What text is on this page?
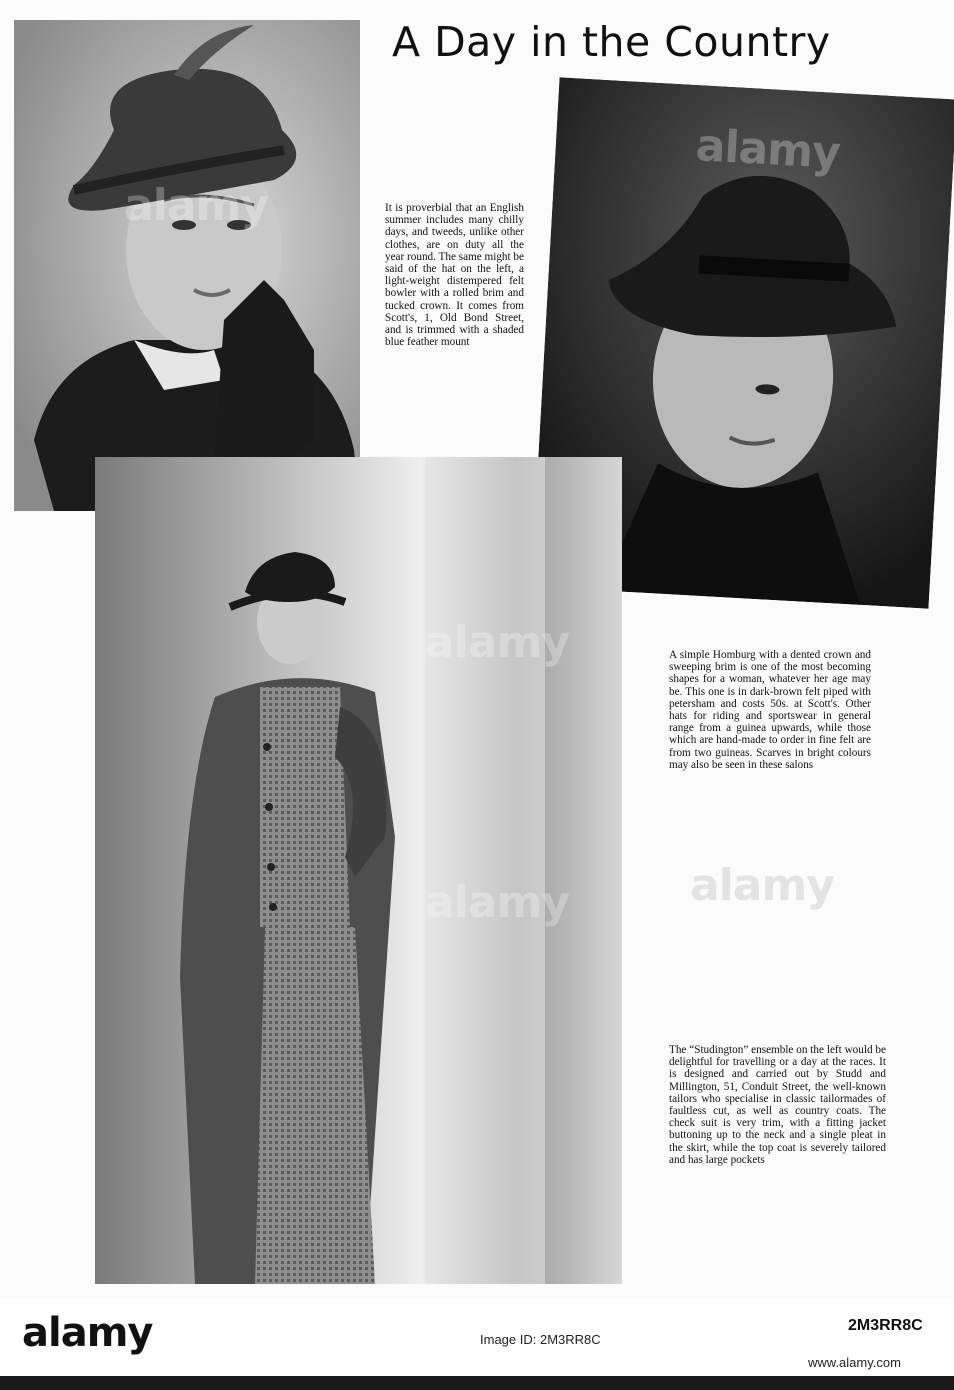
A Day in the Country
alamy	It is proverbial that an English summer includes many chilly days, and tweeds, unlike other clothes, are on duty all the year round. The same might be said of the hat on the left, a light-weight distempered felt bowler with a rolled brim and tucked crown. It comes from Scott's, 1, Old Bond Street, and is trimmed with a shaded blue feather mount
alamy
A simple Homburg with a dented crown and sweeping brim is one of the most becoming shapes for a woman, whatever her age may be. This one is in dark-brown felt piped with petersham and costs 50s. at Scott's. Other hats for riding and sportswear in general range from a guinea upwards, while those which are hand-made to order in fine felt are from two guineas. Scarves in bright colours may also be seen in these salons
alamy
alamy
The “Studington” ensemble on the left would be delightful for travelling or a day at the races. It is designed and carried out by Studd and Millington, 51, Conduit Street, the well-known tailors who specialise in classic tailormades of faultless cut, as well as country coats. The check suit is very trim, with a fitting jacket buttoning up to the neck and a single pleat in the skirt, while the top coat is severely tailored and has large pockets
alamy
alamy	Image ID: 2M3RR8C
2M3RR8C
www.alamy.com
